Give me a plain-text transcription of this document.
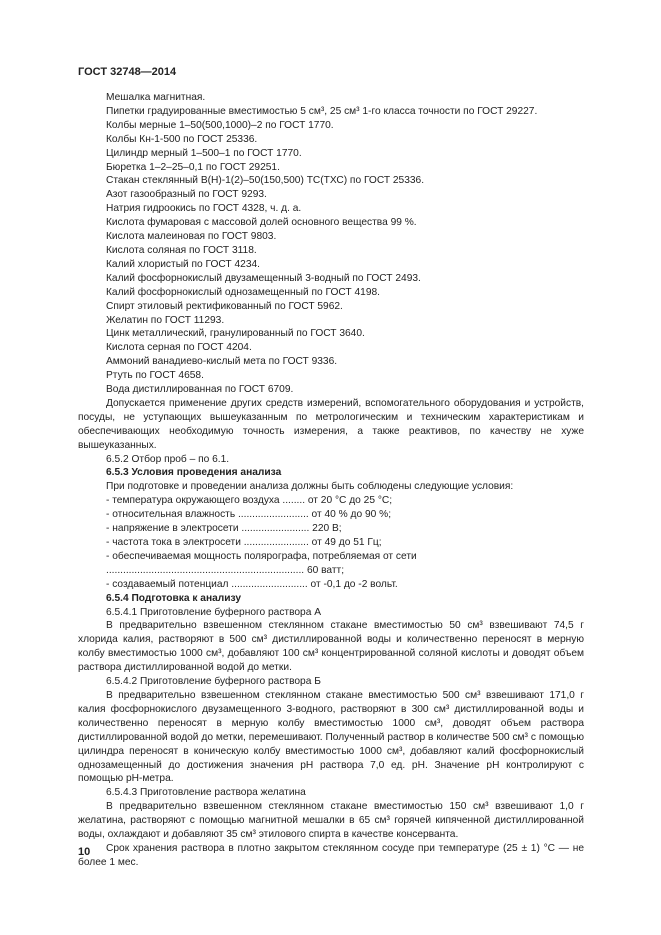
ГОСТ 32748—2014

Мешалка магнитная.

Пипетки градуированные вместимостью 5 см³, 25 см³ 1-го класса точности по ГОСТ 29227.

Колбы мерные 1–50(500,1000)–2 по ГОСТ 1770.

Колбы Кн-1-500 по ГОСТ 25336.

Цилиндр мерный 1–500–1 по ГОСТ 1770.

Бюретка 1–2–25–0,1 по ГОСТ 29251.

Стакан стеклянный В(Н)-1(2)–50(150,500) ТС(ТХС) по ГОСТ 25336.

Азот газообразный по ГОСТ 9293.

Натрия гидроокись по ГОСТ 4328, ч. д. а.

Кислота фумаровая с массовой долей основного вещества 99 %.

Кислота малеиновая по ГОСТ 9803.

Кислота соляная по ГОСТ 3118.

Калий хлористый по ГОСТ 4234.

Калий фосфорнокислый двузамещенный 3-водный по ГОСТ 2493.

Калий фосфорнокислый однозамещенный по ГОСТ 4198.

Спирт этиловый ректификованный по ГОСТ 5962.

Желатин по ГОСТ 11293.

Цинк металлический, гранулированный по ГОСТ 3640.

Кислота серная по ГОСТ 4204.

Аммоний ванадиево-кислый мета по ГОСТ 9336.

Ртуть по ГОСТ 4658.

Вода дистиллированная по ГОСТ 6709.

Допускается применение других средств измерений, вспомогательного оборудования и устройств, посуды, не уступающих вышеуказанным по метрологическим и техническим характеристикам и обеспечивающих необходимую точность измерения, а также реактивов, по качеству не хуже вышеуказанных.

6.5.2 Отбор проб – по 6.1.

6.5.3 Условия проведения анализа

При подготовке и проведении анализа должны быть соблюдены следующие условия:

- температура окружающего воздуха ........ от 20 °С до 25 °С;

- относительная влажность ......................... от 40 % до 90 %;

- напряжение в электросети ........................ 220 В;

- частота тока в электросети ....................... от 49 до 51 Гц;

- обеспечиваемая мощность полярографа, потребляемая от сети

...................................................................... 60 ватт;

- создаваемый потенциал ........................... от -0,1 до -2 вольт.

6.5.4 Подготовка к анализу

6.5.4.1 Приготовление буферного раствора А

В предварительно взвешенном стеклянном стакане вместимостью 50 см³ взвешивают 74,5 г хлорида калия, растворяют в 500 см³ дистиллированной воды и количественно переносят в мерную колбу вместимостью 1000 см³, добавляют 100 см³ концентрированной соляной кислоты и доводят объем раствора дистиллированной водой до метки.

6.5.4.2 Приготовление буферного раствора Б

В предварительно взвешенном стеклянном стакане вместимостью 500 см³ взвешивают 171,0 г калия фосфорнокислого двузамещенного 3-водного, растворяют в 300 см³ дистиллированной воды и количественно переносят в мерную колбу вместимостью 1000 см³, доводят объем раствора дистиллированной водой до метки, перемешивают. Полученный раствор в количестве 500 см³ с помощью цилиндра переносят в коническую колбу вместимостью 1000 см³, добавляют калий фосфорнокислый однозамещенный до достижения значения рН раствора 7,0 ед. рН. Значение рН контролируют с помощью рН-метра.

6.5.4.3 Приготовление раствора желатина

В предварительно взвешенном стеклянном стакане вместимостью 150 см³ взвешивают 1,0 г желатина, растворяют с помощью магнитной мешалки в 65 см³ горячей кипяченной дистиллированной воды, охлаждают и добавляют 35 см³ этилового спирта в качестве консерванта.

Срок хранения раствора в плотно закрытом стеклянном сосуде при температуре (25 ± 1) °С — не более 1 мес.

10
